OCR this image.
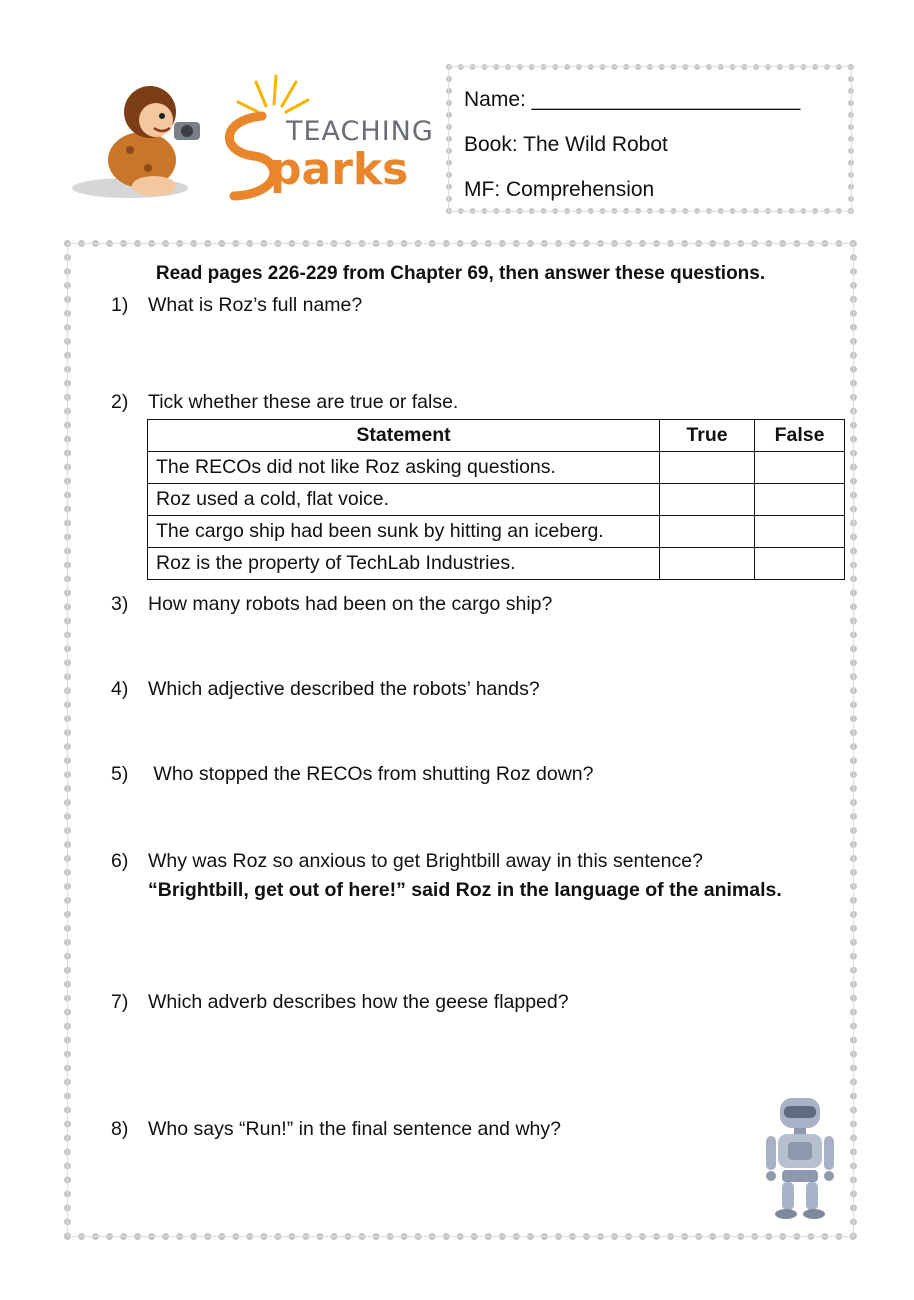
TEACHING
parks
Name: _______________________
Book: The Wild Robot
MF: Comprehension
Read pages 226-229 from Chapter 69, then answer these questions.
1) What is Roz’s full name?
2) Tick whether these are true or false.
Statement	True	False
The RECOs did not like Roz asking questions.		
Roz used a cold, flat voice.		
The cargo ship had been sunk by hitting an iceberg.		
Roz is the property of TechLab Industries.		
3) How many robots had been on the cargo ship?
4) Which adjective described the robots’ hands?
5) Who stopped the RECOs from shutting Roz down?
6) Why was Roz so anxious to get Brightbill away in this sentence?
“Brightbill, get out of here!” said Roz in the language of the animals.
7) Which adverb describes how the geese flapped?
8) Who says “Run!” in the final sentence and why?
